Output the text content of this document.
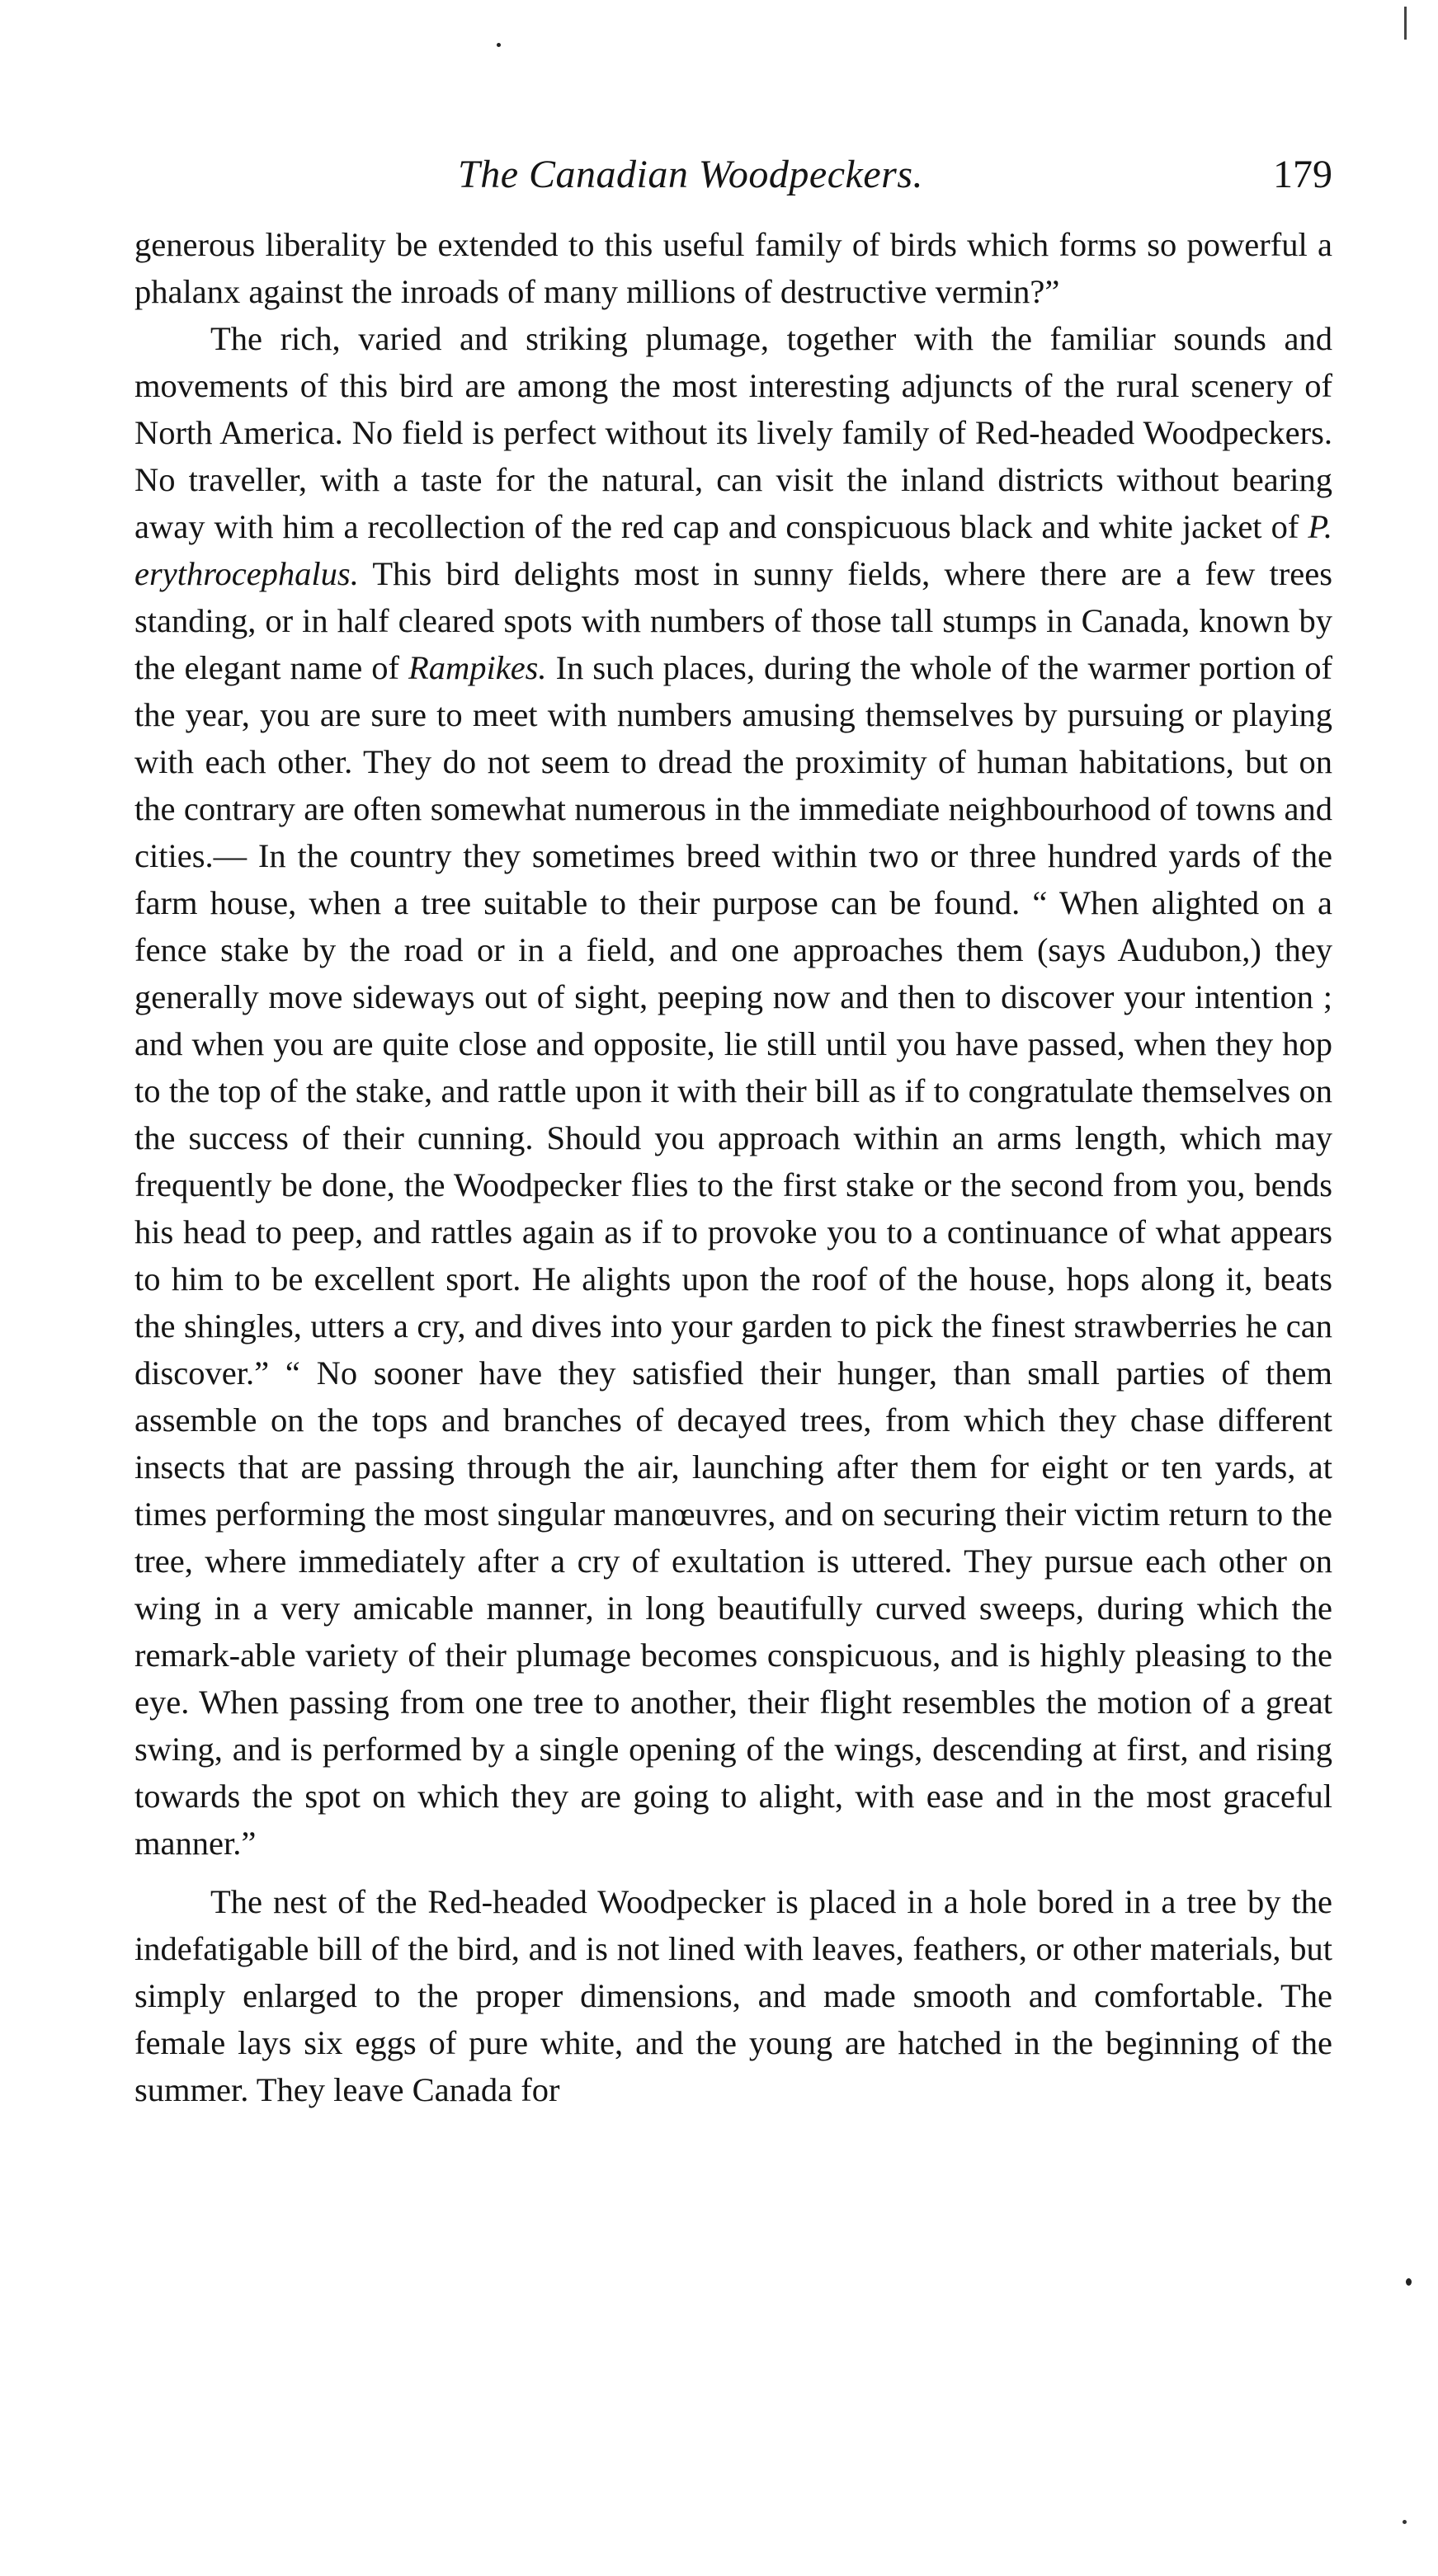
The Canadian Woodpeckers.	179

generous liberality be extended to this useful family of birds which forms so powerful a phalanx against the inroads of many millions of destructive vermin?”

The rich, varied and striking plumage, together with the familiar sounds and movements of this bird are among the most interesting adjuncts of the rural scenery of North America. No field is perfect without its lively family of Red-headed Woodpeckers. No traveller, with a taste for the natural, can visit the inland districts without bearing away with him a recollection of the red cap and conspicuous black and white jacket of P. erythrocephalus. This bird delights most in sunny fields, where there are a few trees standing, or in half cleared spots with numbers of those tall stumps in Canada, known by the elegant name of Rampikes. In such places, during the whole of the warmer portion of the year, you are sure to meet with numbers amusing themselves by pursuing or playing with each other. They do not seem to dread the proximity of human habitations, but on the contrary are often somewhat numerous in the immediate neighbourhood of towns and cities.— In the country they sometimes breed within two or three hundred yards of the farm house, when a tree suitable to their purpose can be found. “ When alighted on a fence stake by the road or in a field, and one approaches them (says Audubon,) they generally move sideways out of sight, peeping now and then to discover your intention ; and when you are quite close and opposite, lie still until you have passed, when they hop to the top of the stake, and rattle upon it with their bill as if to congratulate themselves on the success of their cunning. Should you approach within an arms length, which may frequently be done, the Woodpecker flies to the first stake or the second from you, bends his head to peep, and rattles again as if to provoke you to a continuance of what appears to him to be excellent sport. He alights upon the roof of the house, hops along it, beats the shingles, utters a cry, and dives into your garden to pick the finest strawberries he can discover.” “ No sooner have they satisfied their hunger, than small parties of them assemble on the tops and branches of decayed trees, from which they chase different insects that are passing through the air, launching after them for eight or ten yards, at times performing the most singular manœuvres, and on securing their victim return to the tree, where immediately after a cry of exultation is uttered. They pursue each other on wing in a very amicable manner, in long beautifully curved sweeps, during which the remark-able variety of their plumage becomes conspicuous, and is highly pleasing to the eye. When passing from one tree to another, their flight resembles the motion of a great swing, and is performed by a single opening of the wings, descending at first, and rising towards the spot on which they are going to alight, with ease and in the most graceful manner.”

The nest of the Red-headed Woodpecker is placed in a hole bored in a tree by the indefatigable bill of the bird, and is not lined with leaves, feathers, or other materials, but simply enlarged to the proper dimensions, and made smooth and comfortable. The female lays six eggs of pure white, and the young are hatched in the beginning of the summer. They leave Canada for
